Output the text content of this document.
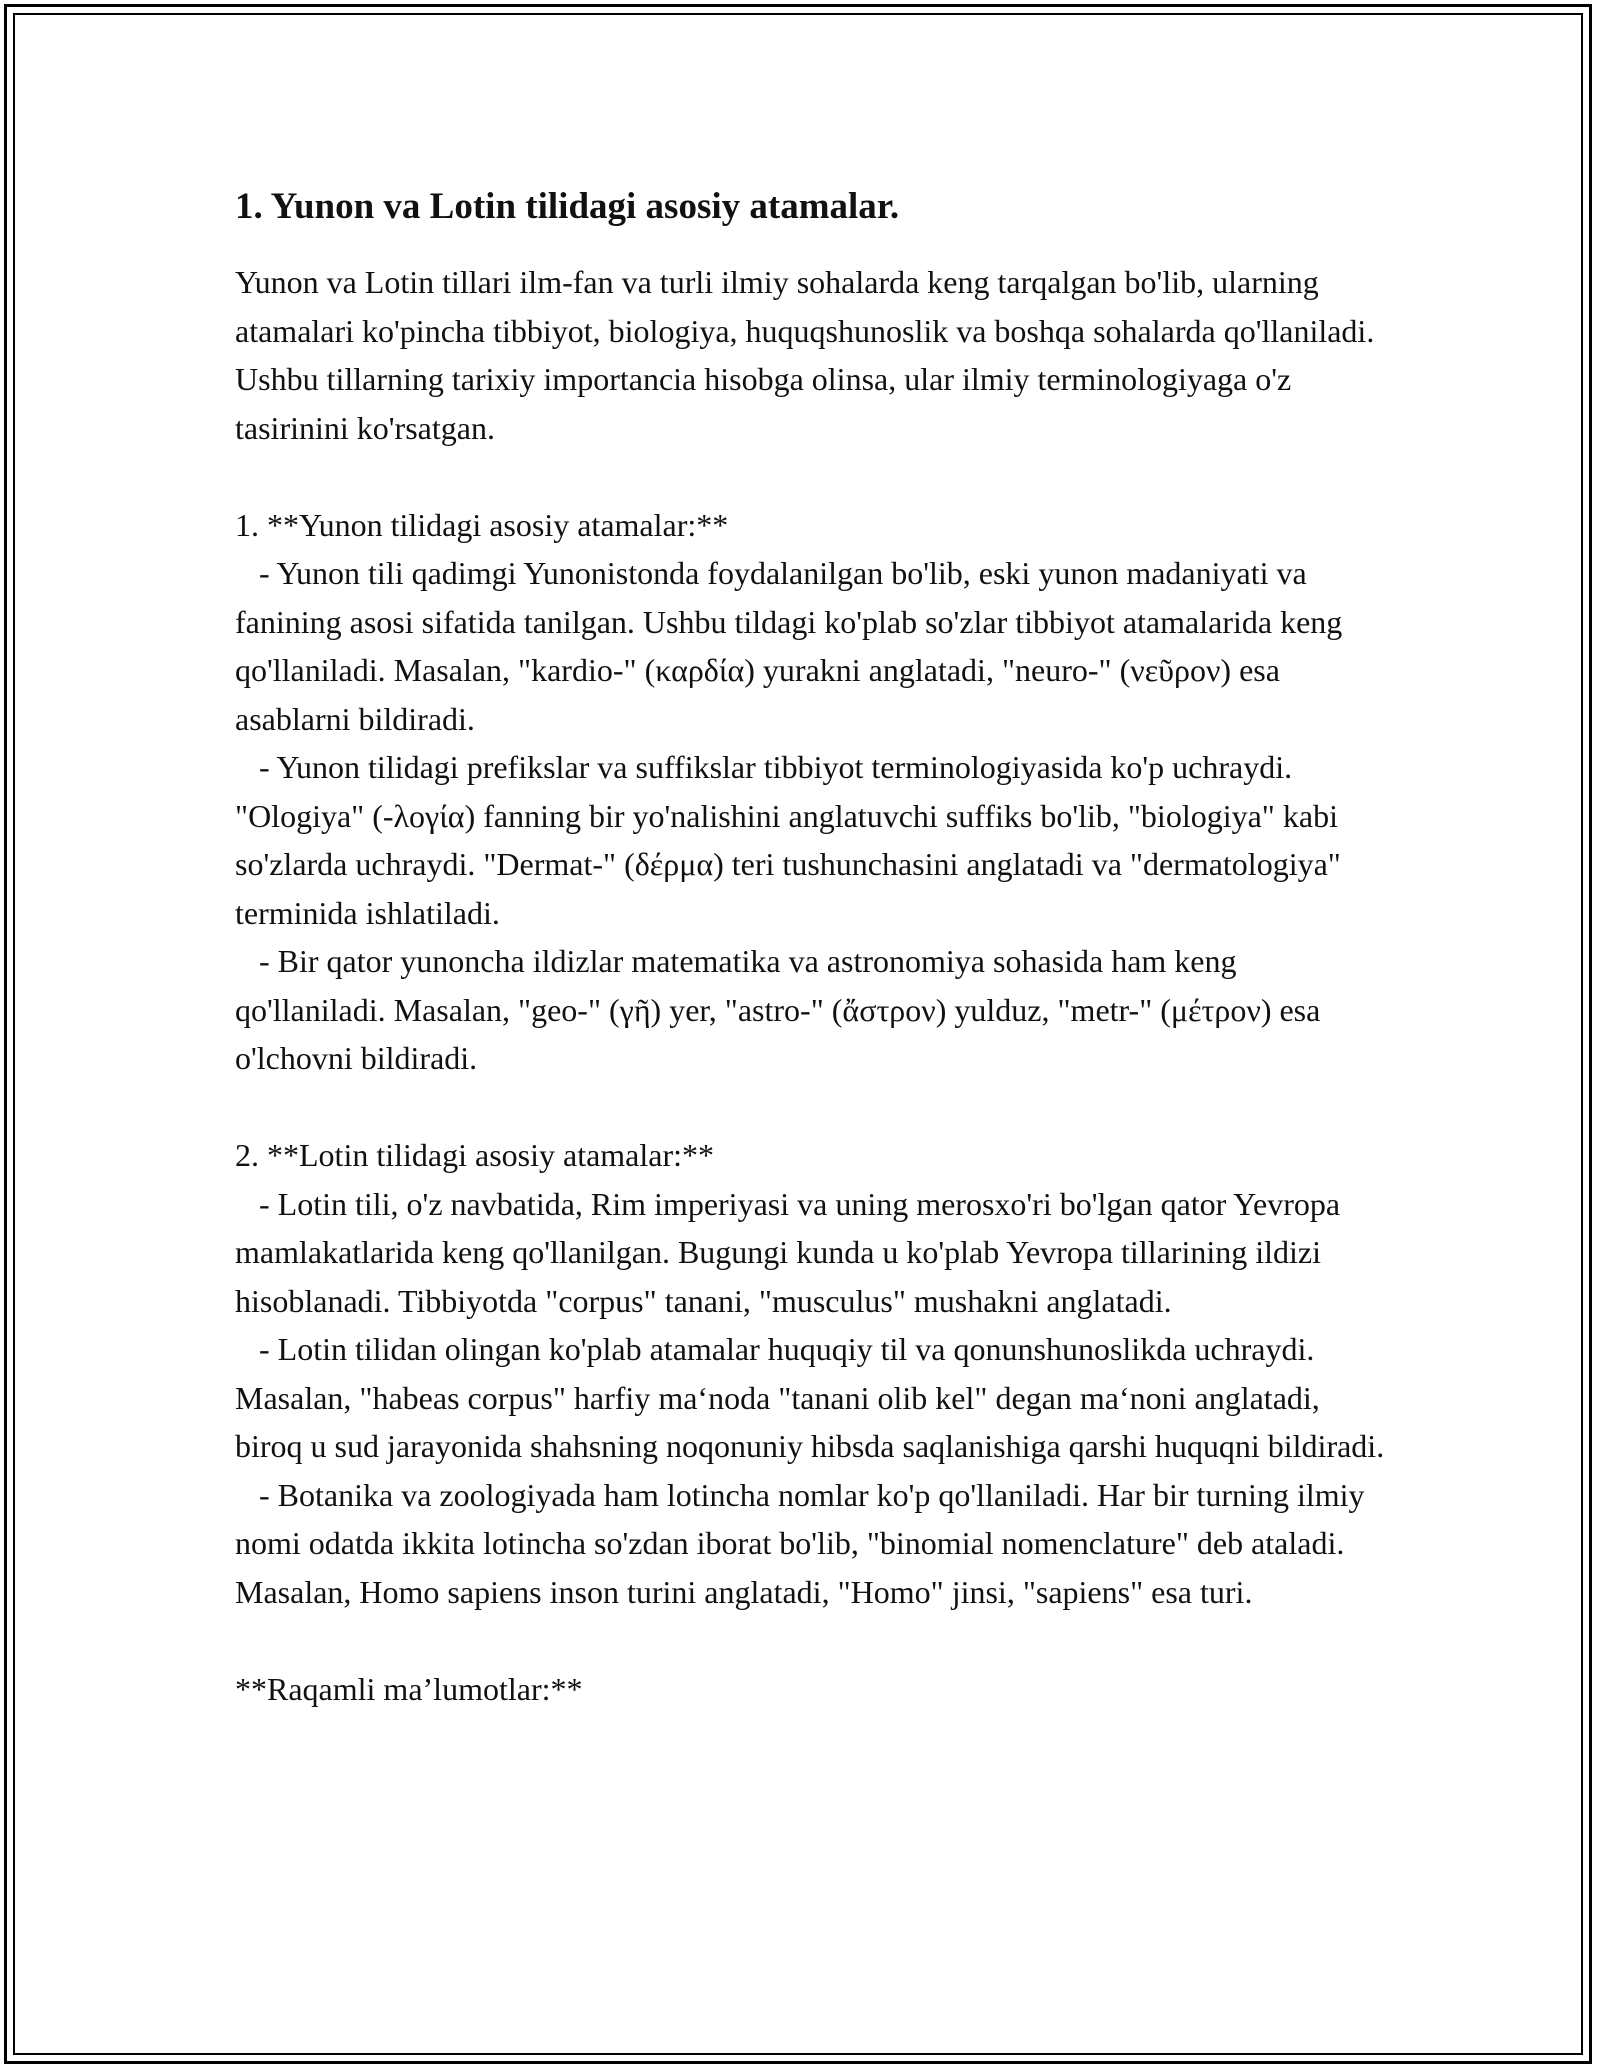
1. Yunon va Lotin tilidagi asosiy atamalar.

Yunon va Lotin tillari ilm-fan va turli ilmiy sohalarda keng tarqalgan bo'lib, ularning atamalari ko'pincha tibbiyot, biologiya, huquqshunoslik va boshqa sohalarda qo'llaniladi. Ushbu tillarning tarixiy importancia hisobga olinsa, ular ilmiy terminologiyaga o'z tasirinini ko'rsatgan.

1. **Yunon tilidagi asosiy atamalar:**

- Yunon tili qadimgi Yunonistonda foydalanilgan bo'lib, eski yunon madaniyati va fanining asosi sifatida tanilgan. Ushbu tildagi ko'plab so'zlar tibbiyot atamalarida keng qo'llaniladi. Masalan, "kardio-" (καρδία) yurakni anglatadi, "neuro-" (νεῦρον) esa asablarni bildiradi.

- Yunon tilidagi prefikslar va suffikslar tibbiyot terminologiyasida ko'p uchraydi. "Ologiya" (-λογία) fanning bir yo'nalishini anglatuvchi suffiks bo'lib, "biologiya" kabi so'zlarda uchraydi. "Dermat-" (δέρμα) teri tushunchasini anglatadi va "dermatologiya" terminida ishlatiladi.

- Bir qator yunoncha ildizlar matematika va astronomiya sohasida ham keng qo'llaniladi. Masalan, "geo-" (γῆ) yer, "astro-" (ἄστρον) yulduz, "metr-" (μέτρον) esa o'lchovni bildiradi.

2. **Lotin tilidagi asosiy atamalar:**

- Lotin tili, o'z navbatida, Rim imperiyasi va uning merosxo'ri bo'lgan qator Yevropa mamlakatlarida keng qo'llanilgan. Bugungi kunda u ko'plab Yevropa tillarining ildizi hisoblanadi. Tibbiyotda "corpus" tanani, "musculus" mushakni anglatadi.

- Lotin tilidan olingan ko'plab atamalar huquqiy til va qonunshunoslikda uchraydi. Masalan, "habeas corpus" harfiy maʻnoda "tanani olib kel" degan maʻnoni anglatadi, biroq u sud jarayonida shahsning noqonuniy hibsda saqlanishiga qarshi huquqni bildiradi.

- Botanika va zoologiyada ham lotincha nomlar ko'p qo'llaniladi. Har bir turning ilmiy nomi odatda ikkita lotincha so'zdan iborat bo'lib, "binomial nomenclature" deb ataladi. Masalan, Homo sapiens inson turini anglatadi, "Homo" jinsi, "sapiens" esa turi.

**Raqamli ma’lumotlar:**
